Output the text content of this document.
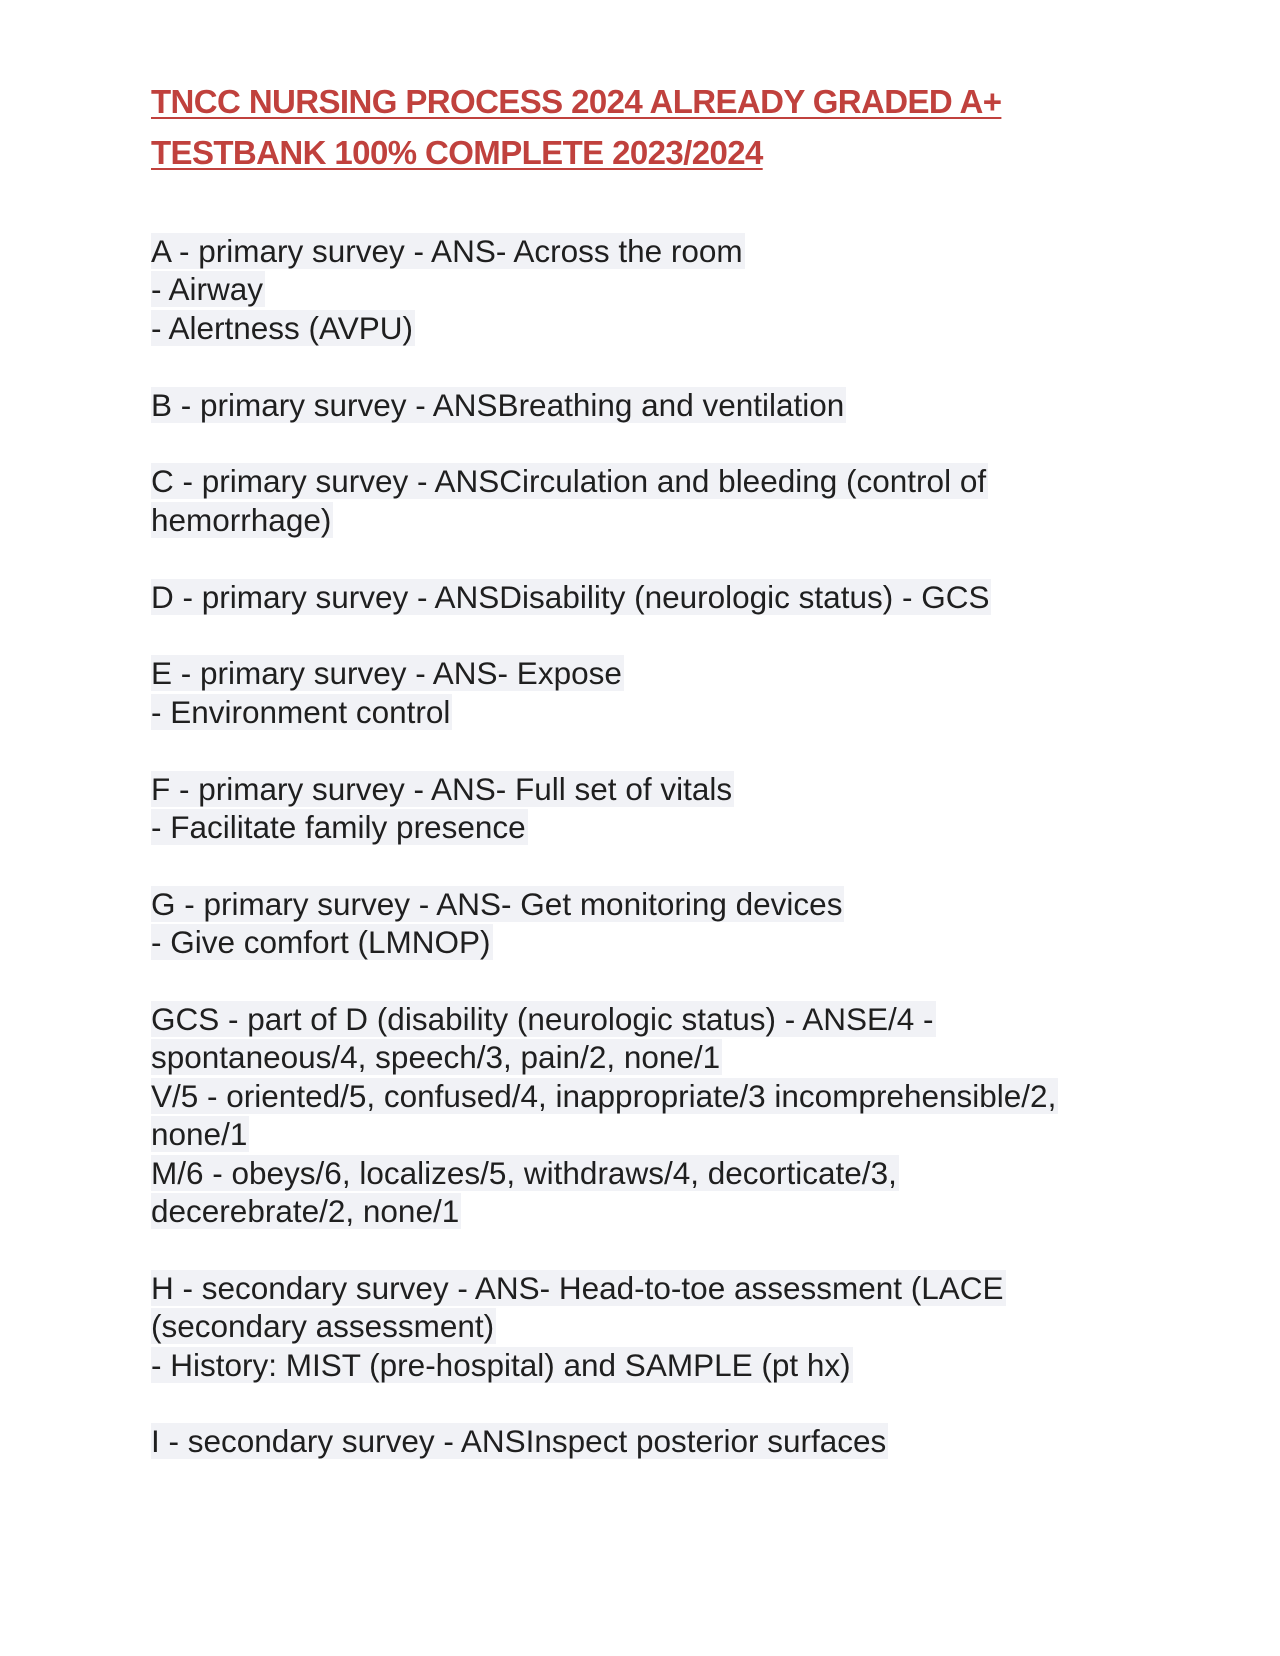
TNCC NURSING PROCESS 2024 ALREADY GRADED A+
TESTBANK 100% COMPLETE 2023/2024
A - primary survey - ANS- Across the room
- Airway
- Alertness (AVPU)
B - primary survey - ANSBreathing and ventilation
C - primary survey - ANSCirculation and bleeding (control of
hemorrhage)
D - primary survey - ANSDisability (neurologic status) - GCS
E - primary survey - ANS- Expose
- Environment control
F - primary survey - ANS- Full set of vitals
- Facilitate family presence
G - primary survey - ANS- Get monitoring devices
- Give comfort (LMNOP)
GCS - part of D (disability (neurologic status) - ANSE/4 -
spontaneous/4, speech/3, pain/2, none/1
V/5 - oriented/5, confused/4, inappropriate/3 incomprehensible/2,
none/1
M/6 - obeys/6, localizes/5, withdraws/4, decorticate/3,
decerebrate/2, none/1
H - secondary survey - ANS- Head-to-toe assessment (LACE
(secondary assessment)
- History: MIST (pre-hospital) and SAMPLE (pt hx)
I - secondary survey - ANSInspect posterior surfaces
